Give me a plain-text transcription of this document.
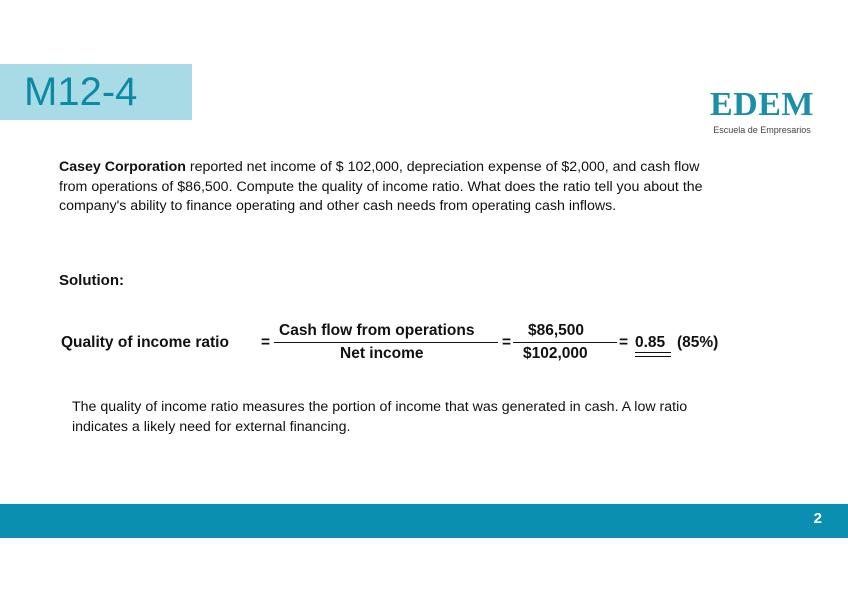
M12-4	EDEM
Escuela de Empresarios
Casey Corporation reported net income of $ 102,000, depreciation expense of $2,000, and cash flow from operations of $86,500. Compute the quality of income ratio. What does the ratio tell you about the company's ability to finance operating and other cash needs from operating cash inflows.
Solution:
Quality of income ratio =
Cash flow from operations
Net income
=
$86,500
$102,000
= 0.85 (85%)
The quality of income ratio measures the portion of income that was generated in cash. A low ratio indicates a likely need for external financing.
2
